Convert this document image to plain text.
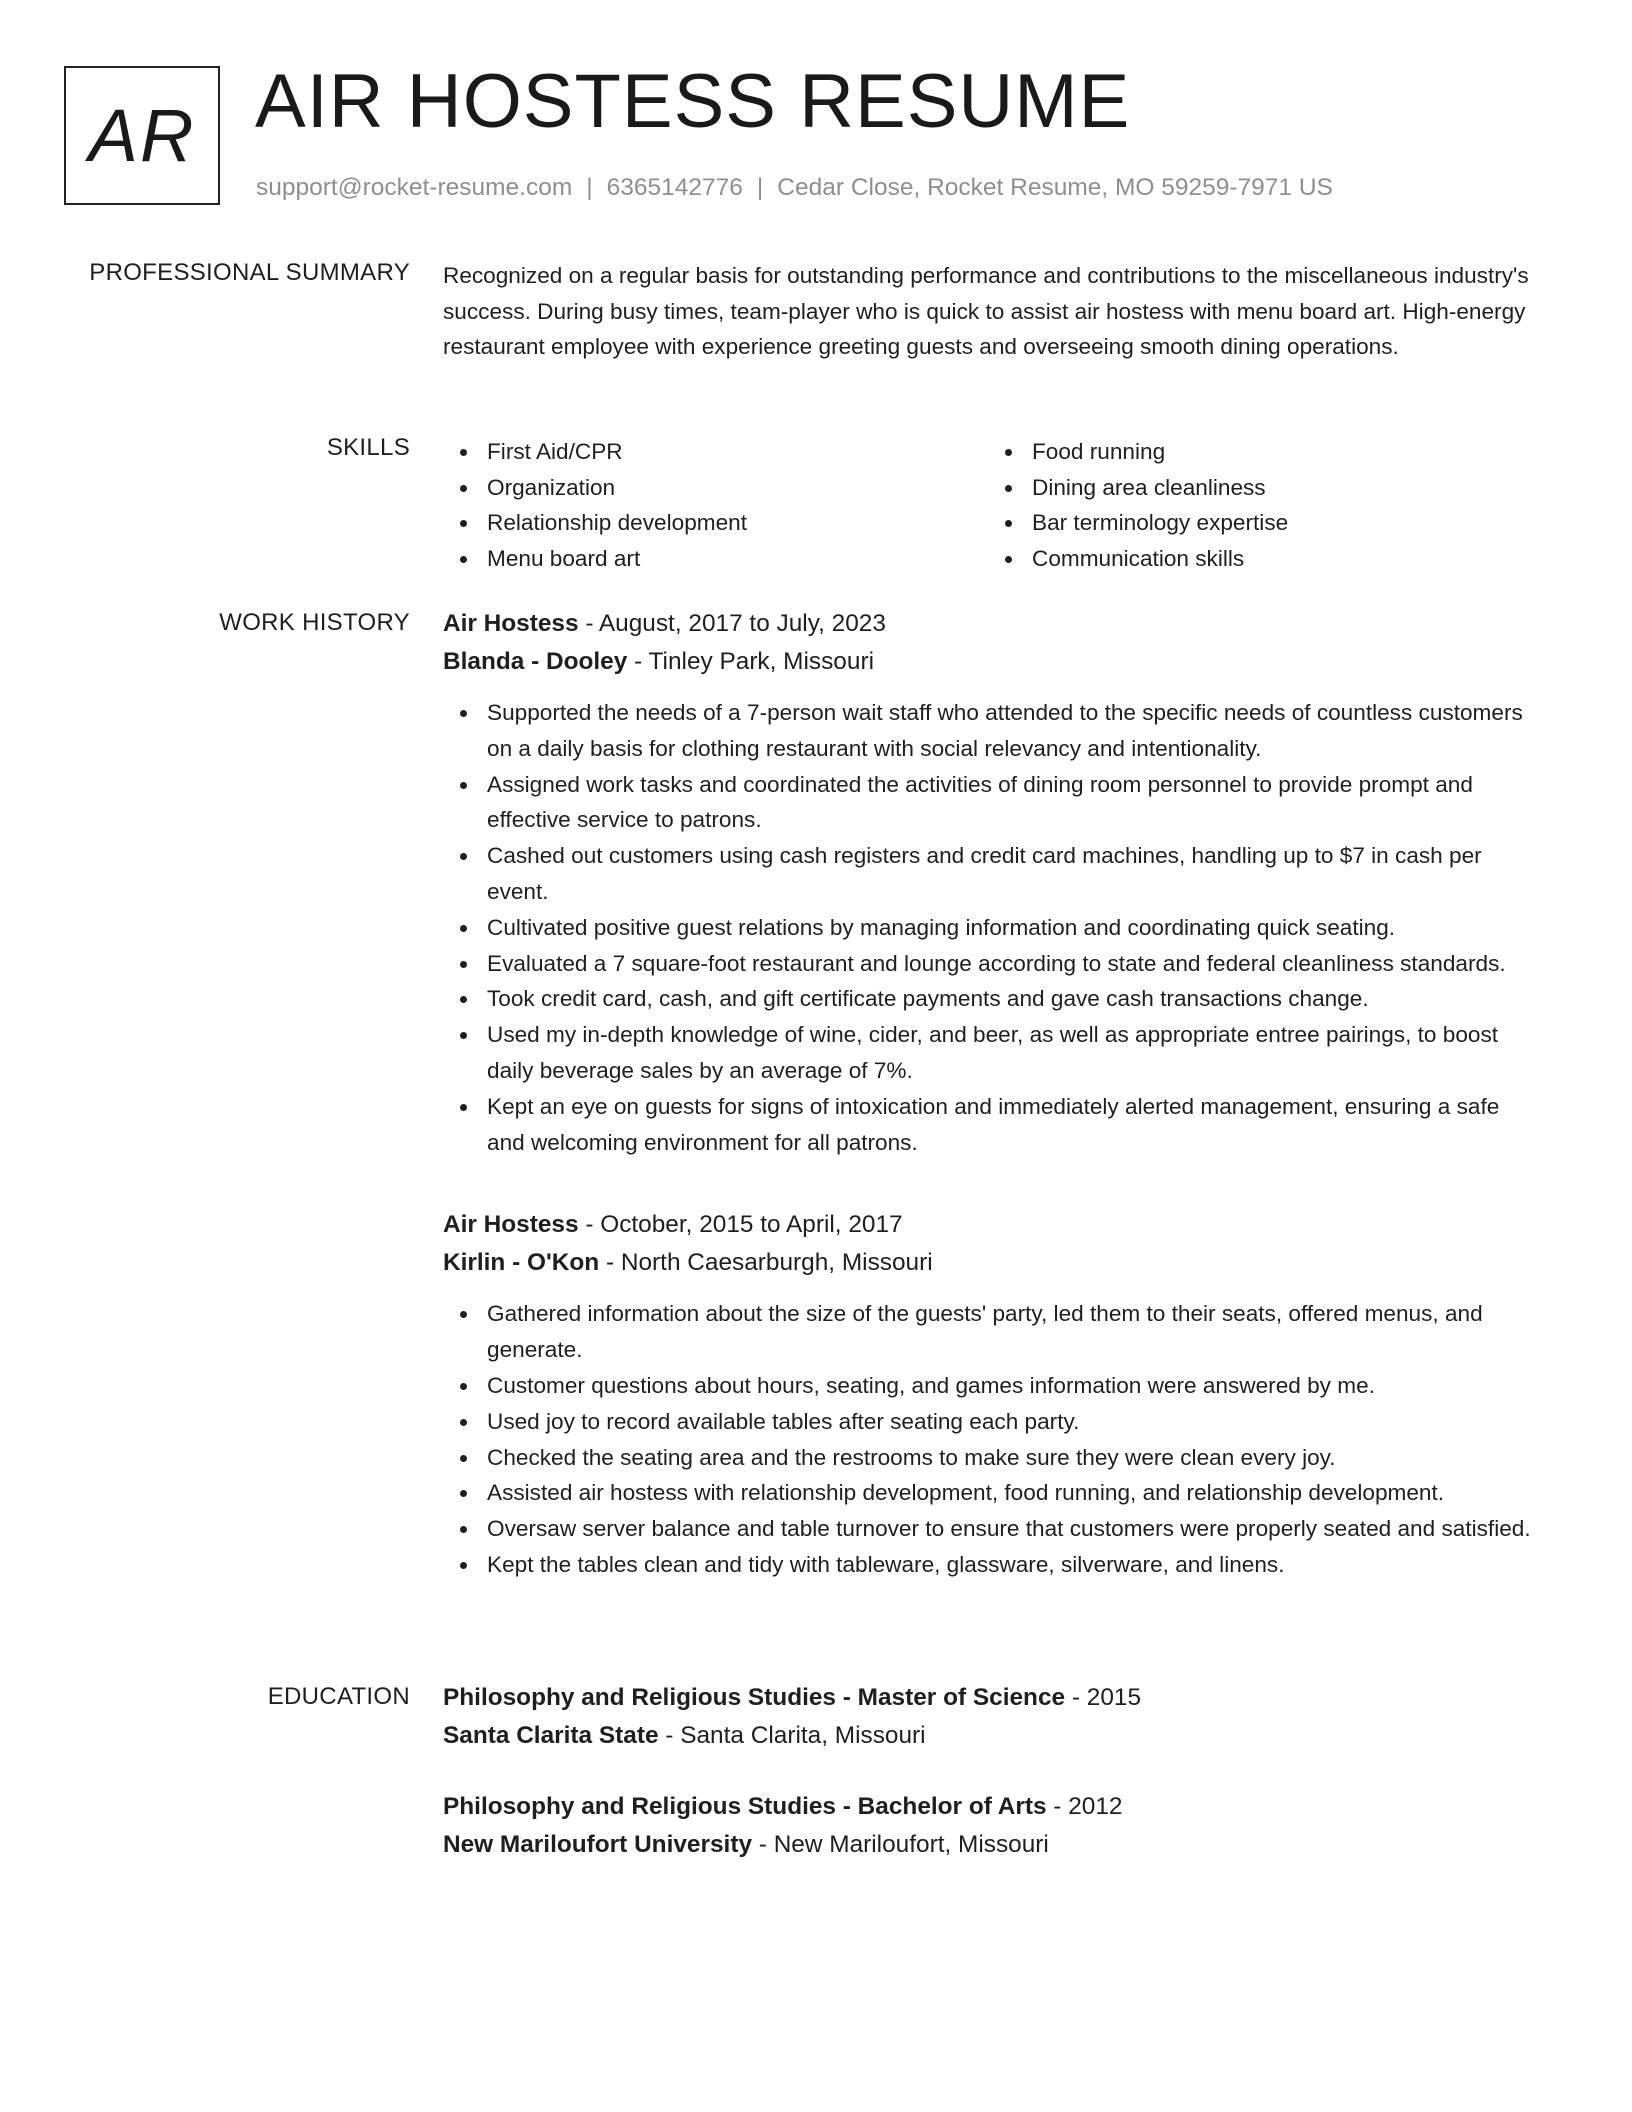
AR AIR HOSTESS RESUME
support@rocket-resume.com | 6365142776 | Cedar Close, Rocket Resume, MO 59259-7971 US
PROFESSIONAL SUMMARY Recognized on a regular basis for outstanding performance and contributions to the miscellaneous industry's success. During busy times, team-player who is quick to assist air hostess with menu board art. High-energy restaurant employee with experience greeting guests and overseeing smooth dining operations.

SKILLS	First Aid/CPR
Organization
Relationship development
Menu board art
Food running
Dining area cleanliness
Bar terminology expertise
Communication skills
WORK HISTORY Air Hostess - August, 2017 to July, 2023
Blanda - Dooley - Tinley Park, Missouri
Supported the needs of a 7-person wait staff who attended to the specific needs of countless customers on a daily basis for clothing restaurant with social relevancy and intentionality.
Assigned work tasks and coordinated the activities of dining room personnel to provide prompt and effective service to patrons.
Cashed out customers using cash registers and credit card machines, handling up to $7 in cash per event.
Cultivated positive guest relations by managing information and coordinating quick seating.
Evaluated a 7 square-foot restaurant and lounge according to state and federal cleanliness standards.
Took credit card, cash, and gift certificate payments and gave cash transactions change.
Used my in-depth knowledge of wine, cider, and beer, as well as appropriate entree pairings, to boost daily beverage sales by an average of 7%.
Kept an eye on guests for signs of intoxication and immediately alerted management, ensuring a safe and welcoming environment for all patrons.
Air Hostess - October, 2015 to April, 2017
Kirlin - O'Kon - North Caesarburgh, Missouri
Gathered information about the size of the guests' party, led them to their seats, offered menus, and generate.
Customer questions about hours, seating, and games information were answered by me.
Used joy to record available tables after seating each party.
Checked the seating area and the restrooms to make sure they were clean every joy.
Assisted air hostess with relationship development, food running, and relationship development.
Oversaw server balance and table turnover to ensure that customers were properly seated and satisfied.
Kept the tables clean and tidy with tableware, glassware, silverware, and linens.
EDUCATION Philosophy and Religious Studies - Master of Science - 2015
Santa Clarita State - Santa Clarita, Missouri
Philosophy and Religious Studies - Bachelor of Arts - 2012
New Mariloufort University - New Mariloufort, Missouri
